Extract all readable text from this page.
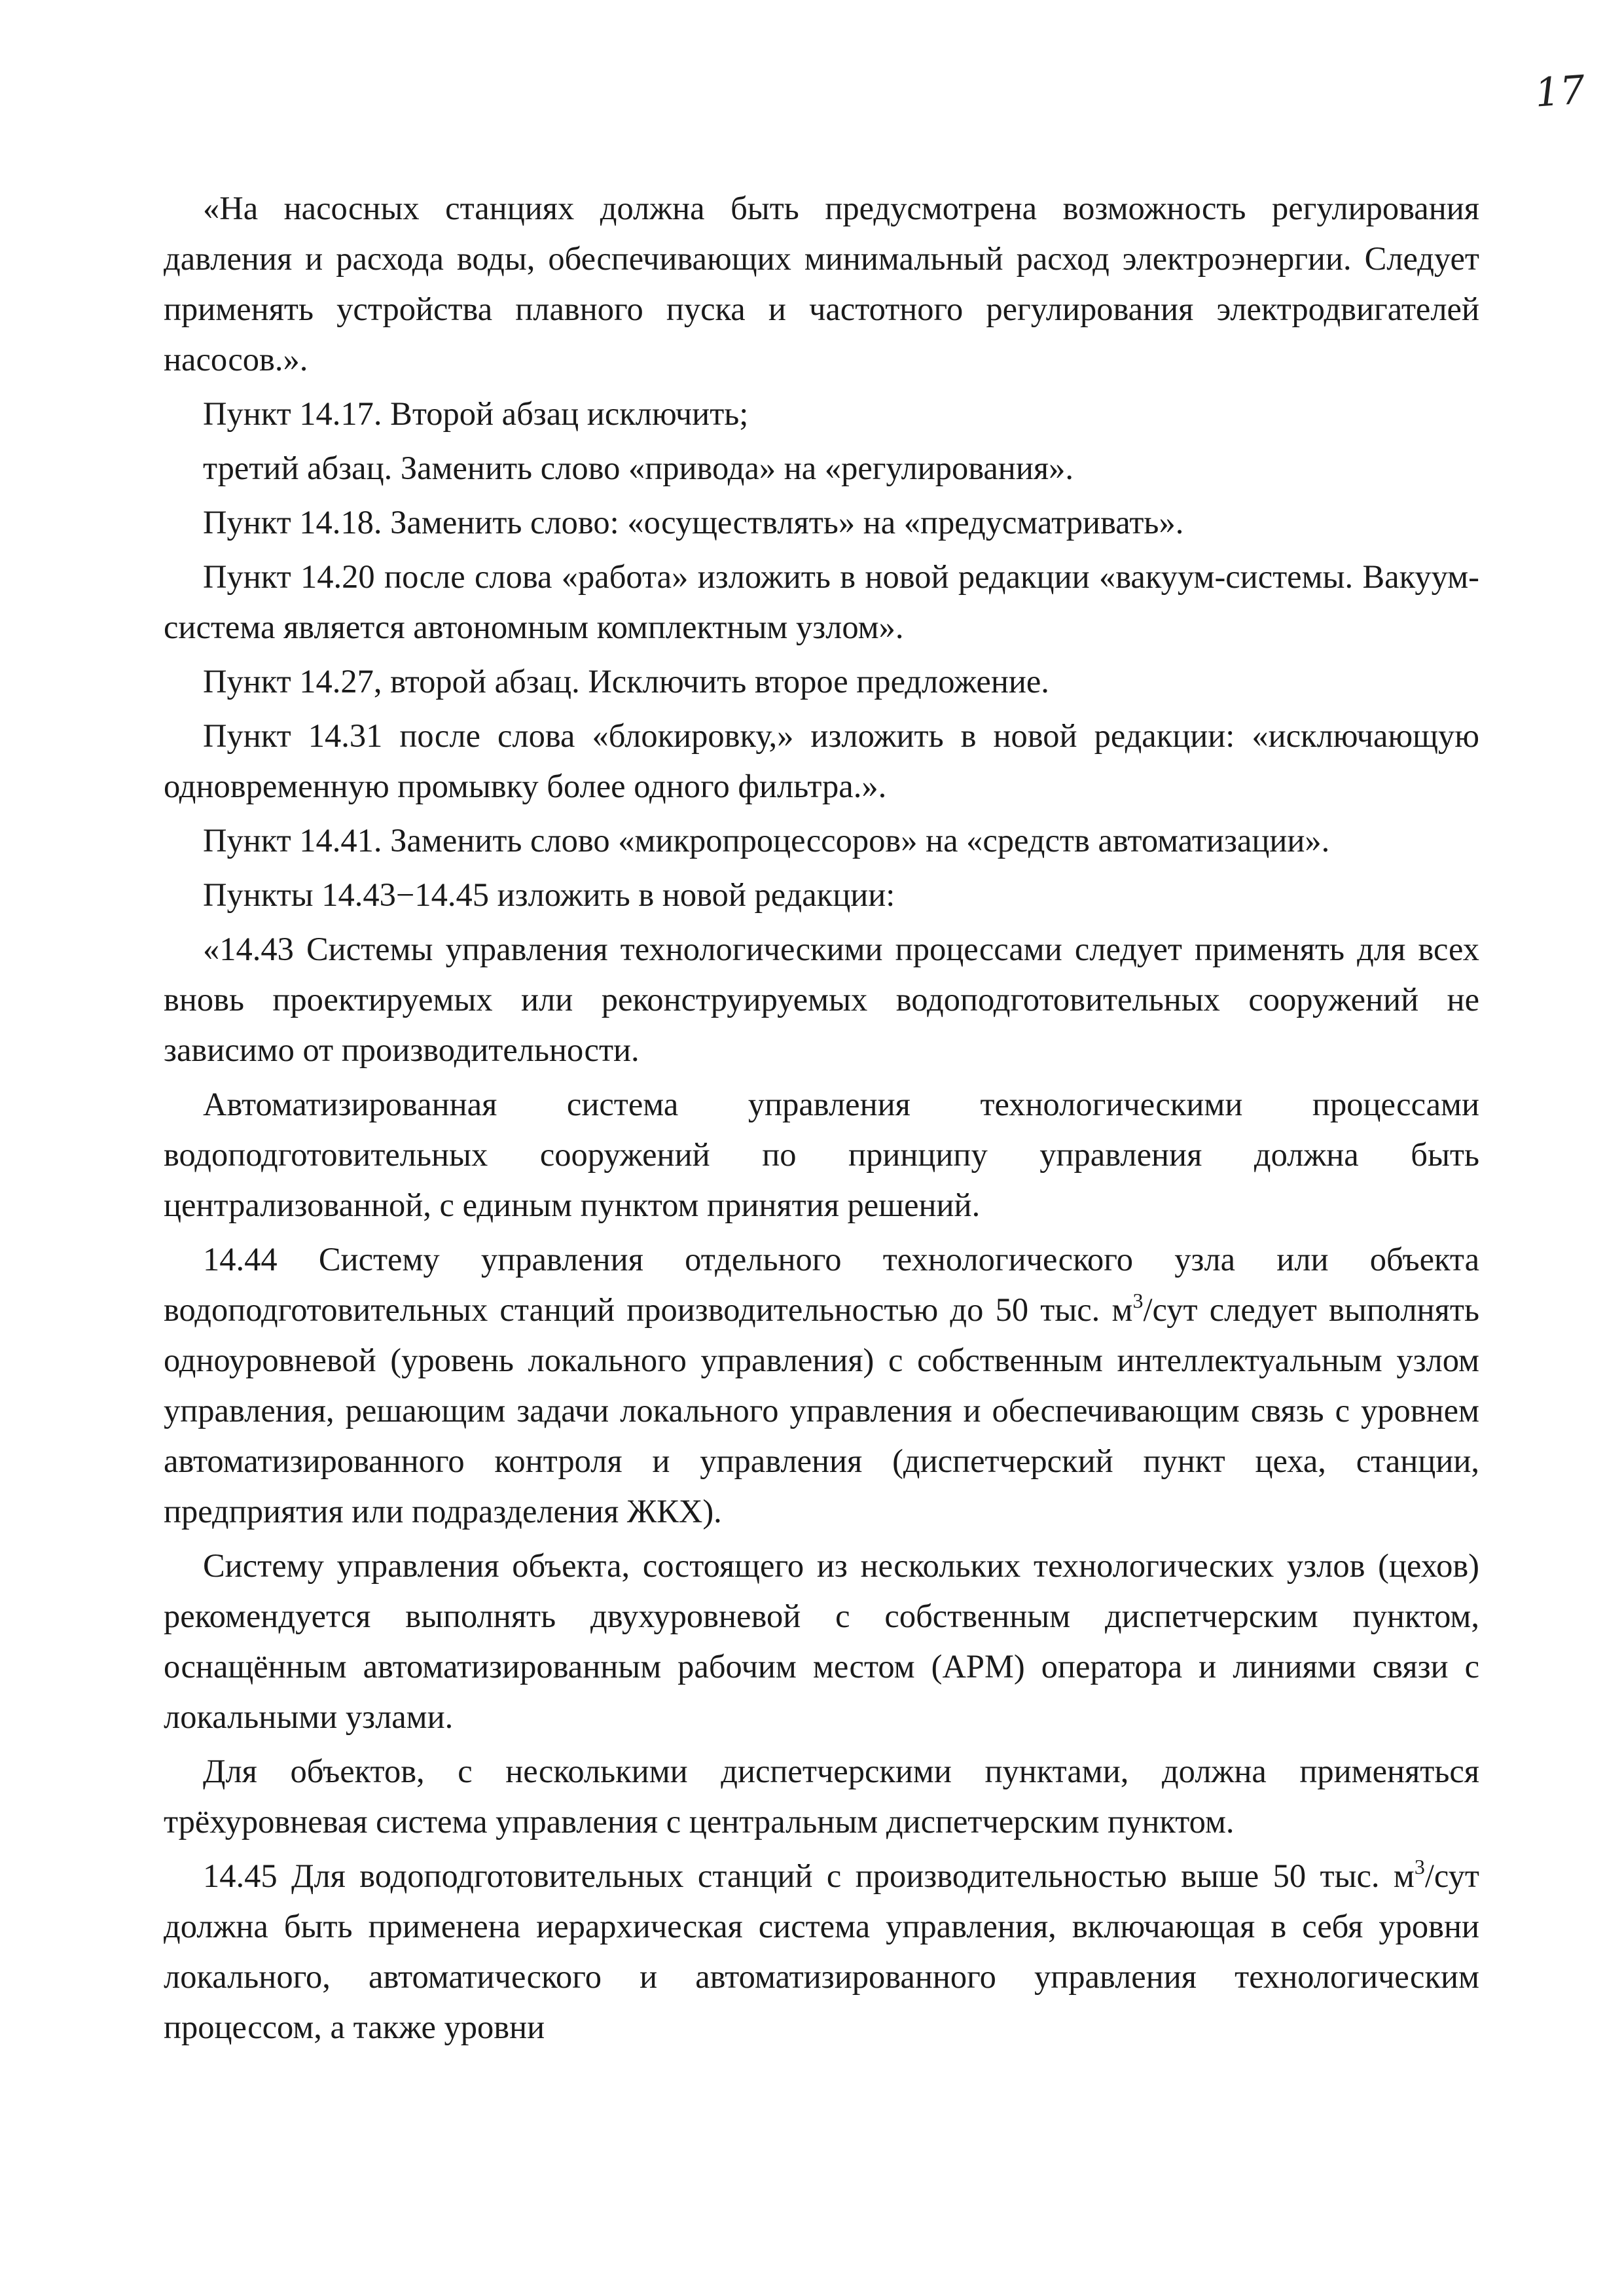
17

«На насосных станциях должна быть предусмотрена возможность регулирования давления и расхода воды, обеспечивающих минимальный расход электроэнергии. Следует применять устройства плавного пуска и частотного регулирования электродвигателей насосов.».

Пункт 14.17. Второй абзац исключить;

третий абзац. Заменить слово «привода» на «регулирования».

Пункт 14.18. Заменить слово: «осуществлять» на «предусматривать».

Пункт 14.20 после слова «работа» изложить в новой редакции «вакуум-системы. Вакуум-система является автономным комплектным узлом».

Пункт 14.27, второй абзац. Исключить второе предложение.

Пункт 14.31 после слова «блокировку,» изложить в новой редакции: «исключающую одновременную промывку более одного фильтра.».

Пункт 14.41. Заменить слово «микропроцессоров» на «средств автоматизации».

Пункты 14.43−14.45 изложить в новой редакции:

«14.43 Системы управления технологическими процессами следует применять для всех вновь проектируемых или реконструируемых водоподготовительных сооружений не зависимо от производительности.

Автоматизированная система управления технологическими процессами водоподготовительных сооружений по принципу управления должна быть централизованной, с единым пунктом принятия решений.

14.44 Систему управления отдельного технологического узла или объекта водоподготовительных станций производительностью до 50 тыс. $м^3$/сут следует выполнять одноуровневой (уровень локального управления) с собственным интеллектуальным узлом управления, решающим задачи локального управления и обеспечивающим связь с уровнем автоматизированного контроля и управления (диспетчерский пункт цеха, станции, предприятия или подразделения ЖКХ).

Систему управления объекта, состоящего из нескольких технологических узлов (цехов) рекомендуется выполнять двухуровневой с собственным диспетчерским пунктом, оснащённым автоматизированным рабочим местом (АРМ) оператора и линиями связи с локальными узлами.

Для объектов, с несколькими диспетчерскими пунктами, должна применяться трёхуровневая система управления с центральным диспетчерским пунктом.

14.45 Для водоподготовительных станций с производительностью выше 50 тыс. $м^3$/сут должна быть применена иерархическая система управления, включающая в себя уровни локального, автоматического и автоматизированного управления технологическим процессом, а также уровни
